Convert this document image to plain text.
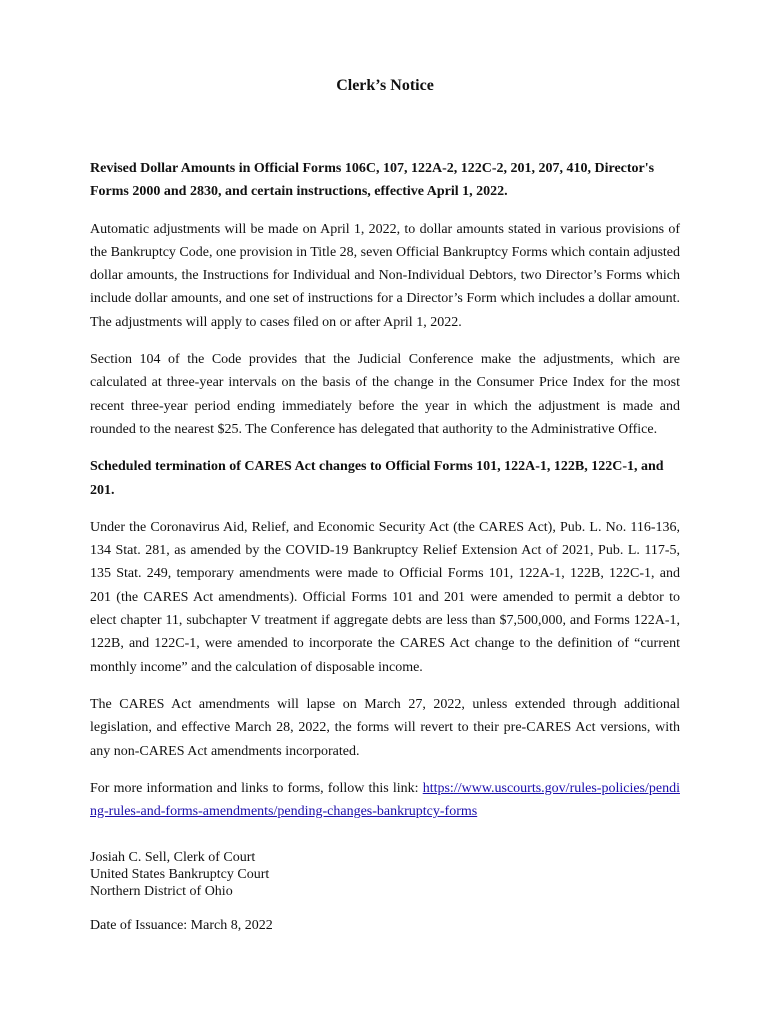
Clerk’s Notice

Revised Dollar Amounts in Official Forms 106C, 107, 122A-2, 122C-2, 201, 207, 410, Director's Forms 2000 and 2830, and certain instructions, effective April 1, 2022.

Automatic adjustments will be made on April 1, 2022, to dollar amounts stated in various provisions of the Bankruptcy Code, one provision in Title 28, seven Official Bankruptcy Forms which contain adjusted dollar amounts, the Instructions for Individual and Non-Individual Debtors, two Director’s Forms which include dollar amounts, and one set of instructions for a Director’s Form which includes a dollar amount. The adjustments will apply to cases filed on or after April 1, 2022.

Section 104 of the Code provides that the Judicial Conference make the adjustments, which are calculated at three-year intervals on the basis of the change in the Consumer Price Index for the most recent three-year period ending immediately before the year in which the adjustment is made and rounded to the nearest $25. The Conference has delegated that authority to the Administrative Office.

Scheduled termination of CARES Act changes to Official Forms 101, 122A-1, 122B, 122C-1, and 201.

Under the Coronavirus Aid, Relief, and Economic Security Act (the CARES Act), Pub. L. No. 116-136, 134 Stat. 281, as amended by the COVID-19 Bankruptcy Relief Extension Act of 2021, Pub. L. 117-5, 135 Stat. 249, temporary amendments were made to Official Forms 101, 122A-1, 122B, 122C-1, and 201 (the CARES Act amendments). Official Forms 101 and 201 were amended to permit a debtor to elect chapter 11, subchapter V treatment if aggregate debts are less than $7,500,000, and Forms 122A-1, 122B, and 122C-1, were amended to incorporate the CARES Act change to the definition of “current monthly income” and the calculation of disposable income.

The CARES Act amendments will lapse on March 27, 2022, unless extended through additional legislation, and effective March 28, 2022, the forms will revert to their pre-CARES Act versions, with any non-CARES Act amendments incorporated.

For more information and links to forms, follow this link: https://www.uscourts.gov/rules-policies/pending-rules-and-forms-amendments/pending-changes-bankruptcy-forms

Josiah C. Sell, Clerk of Court
United States Bankruptcy Court
Northern District of Ohio
Date of Issuance: March 8, 2022
